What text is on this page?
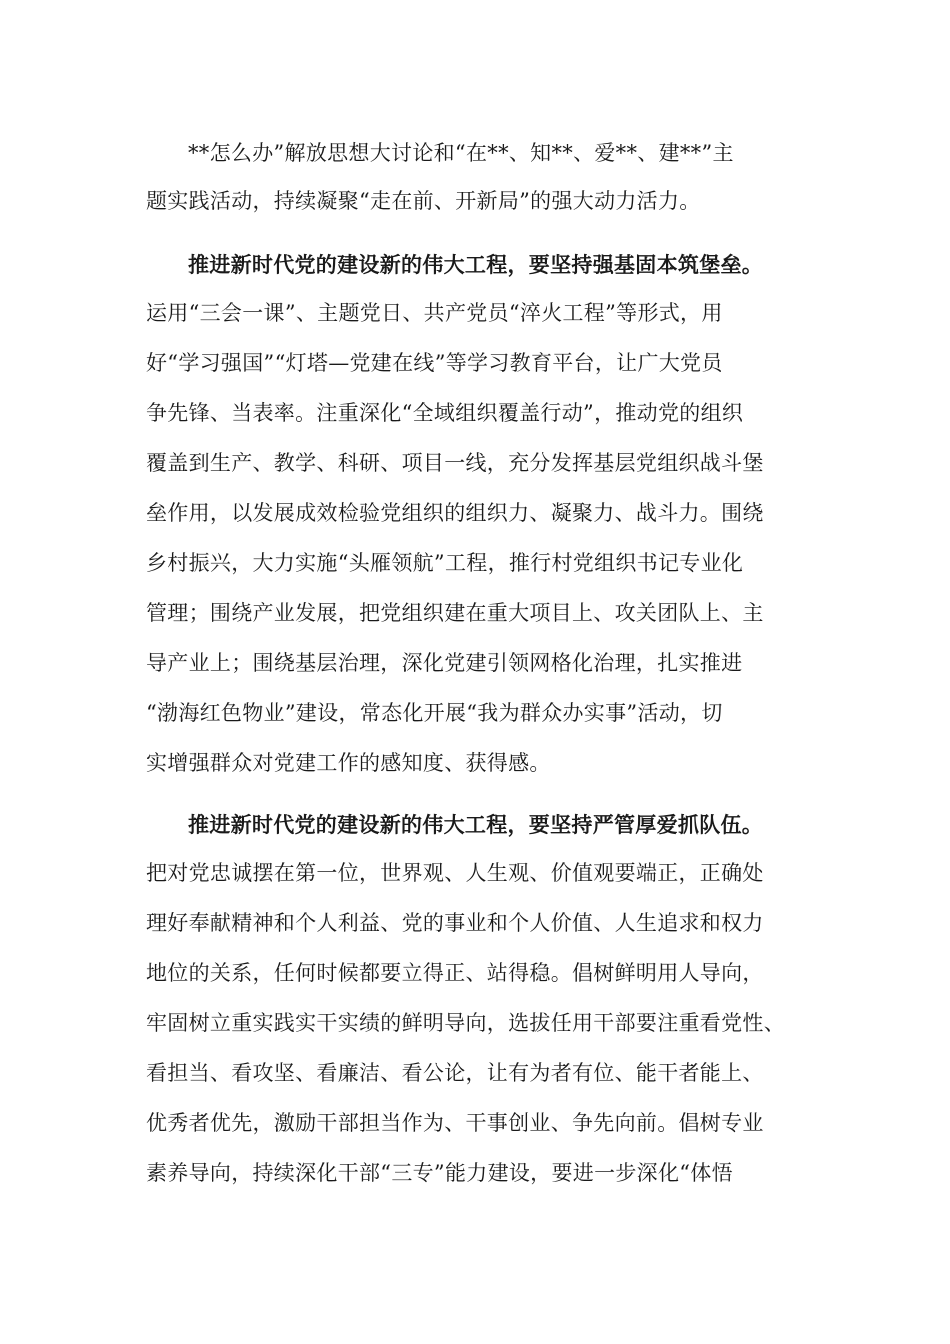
**怎么办”解放思想大讨论和“在**、知**、爱**、建**”主
题实践活动，持续凝聚“走在前、开新局”的强大动力活力。
推进新时代党的建设新的伟大工程，要坚持强基固本筑堡垒。
运用“三会一课”、主题党日、共产党员“淬火工程”等形式，用
好“学习强国”“灯塔—党建在线”等学习教育平台，让广大党员
争先锋、当表率。注重深化“全域组织覆盖行动”，推动党的组织
覆盖到生产、教学、科研、项目一线，充分发挥基层党组织战斗堡
垒作用，以发展成效检验党组织的组织力、凝聚力、战斗力。围绕
乡村振兴，大力实施“头雁领航”工程，推行村党组织书记专业化
管理；围绕产业发展，把党组织建在重大项目上、攻关团队上、主
导产业上；围绕基层治理，深化党建引领网格化治理，扎实推进
“渤海红色物业”建设，常态化开展“我为群众办实事”活动，切
实增强群众对党建工作的感知度、获得感。
推进新时代党的建设新的伟大工程，要坚持严管厚爱抓队伍。
把对党忠诚摆在第一位，世界观、人生观、价值观要端正，正确处
理好奉献精神和个人利益、党的事业和个人价值、人生追求和权力
地位的关系，任何时候都要立得正、站得稳。倡树鲜明用人导向，
牢固树立重实践实干实绩的鲜明导向，选拔任用干部要注重看党性、
看担当、看攻坚、看廉洁、看公论，让有为者有位、能干者能上、
优秀者优先，激励干部担当作为、干事创业、争先向前。倡树专业
素养导向，持续深化干部“三专”能力建设，要进一步深化“体悟
